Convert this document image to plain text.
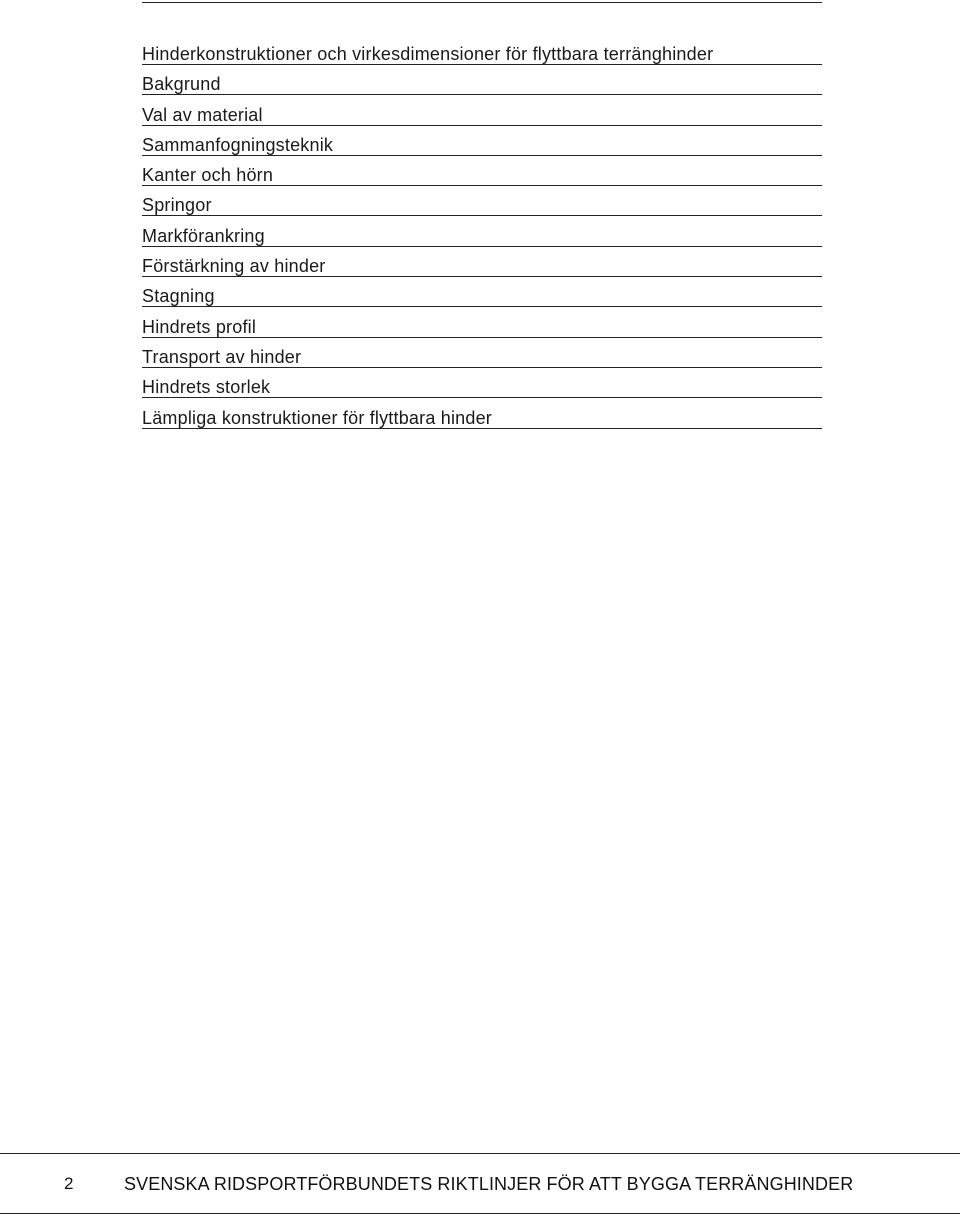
Hinderkonstruktioner och virkesdimensioner för flyttbara terränghinder
Bakgrund
Val av material
Sammanfogningsteknik
Kanter och hörn
Springor
Markförankring
Förstärkning av hinder
Stagning
Hindrets profil
Transport av hinder
Hindrets storlek
Lämpliga konstruktioner för flyttbara hinder
2	SVENSKA RIDSPORTFÖRBUNDETS RIKTLINJER FÖR ATT BYGGA TERRÄNGHINDER
